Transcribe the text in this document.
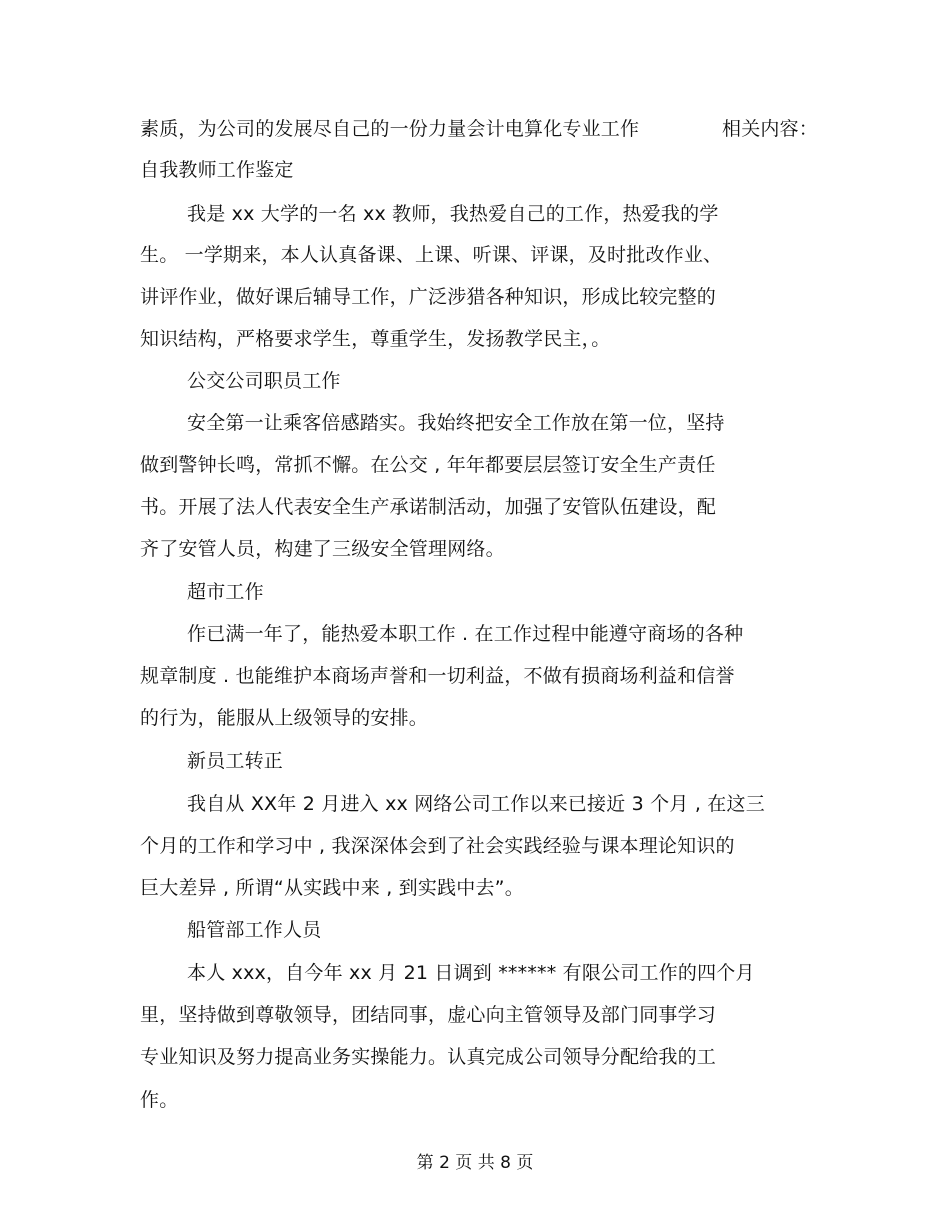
素质，为公司的发展尽自己的一份力量会计电算化专业工作	相关内容：
自我教师工作鉴定
我是 xx 大学的一名 xx 教师，我热爱自己的工作，热爱我的学
生。 一学期来，本人认真备课、上课、听课、评课，及时批改作业、
讲评作业，做好课后辅导工作，广泛涉猎各种知识，形成比较完整的
知识结构，严格要求学生，尊重学生，发扬教学民主，。
公交公司职员工作
安全第一让乘客倍感踏实。我始终把安全工作放在第一位，坚持
做到警钟长鸣，常抓不懈。在公交 , 年年都要层层签订安全生产责任
书。开展了法人代表安全生产承诺制活动，加强了安管队伍建设，配
齐了安管人员，构建了三级安全管理网络。
超市工作
作已满一年了，能热爱本职工作 . 在工作过程中能遵守商场的各种
规章制度 . 也能维护本商场声誉和一切利益，不做有损商场利益和信誉
的行为，能服从上级领导的安排。
新员工转正
我自从 XX年 2 月进入 xx 网络公司工作以来已接近 3 个月 , 在这三
个月的工作和学习中 , 我深深体会到了社会实践经验与课本理论知识的
巨大差异 , 所谓“从实践中来 , 到实践中去”。
船管部工作人员
本人 xxx，自今年 xx 月 21 日调到 ****** 有限公司工作的四个月
里，坚持做到尊敬领导，团结同事，虚心向主管领导及部门同事学习
专业知识及努力提高业务实操能力。认真完成公司领导分配给我的工
作。
第 2 页 共 8 页
